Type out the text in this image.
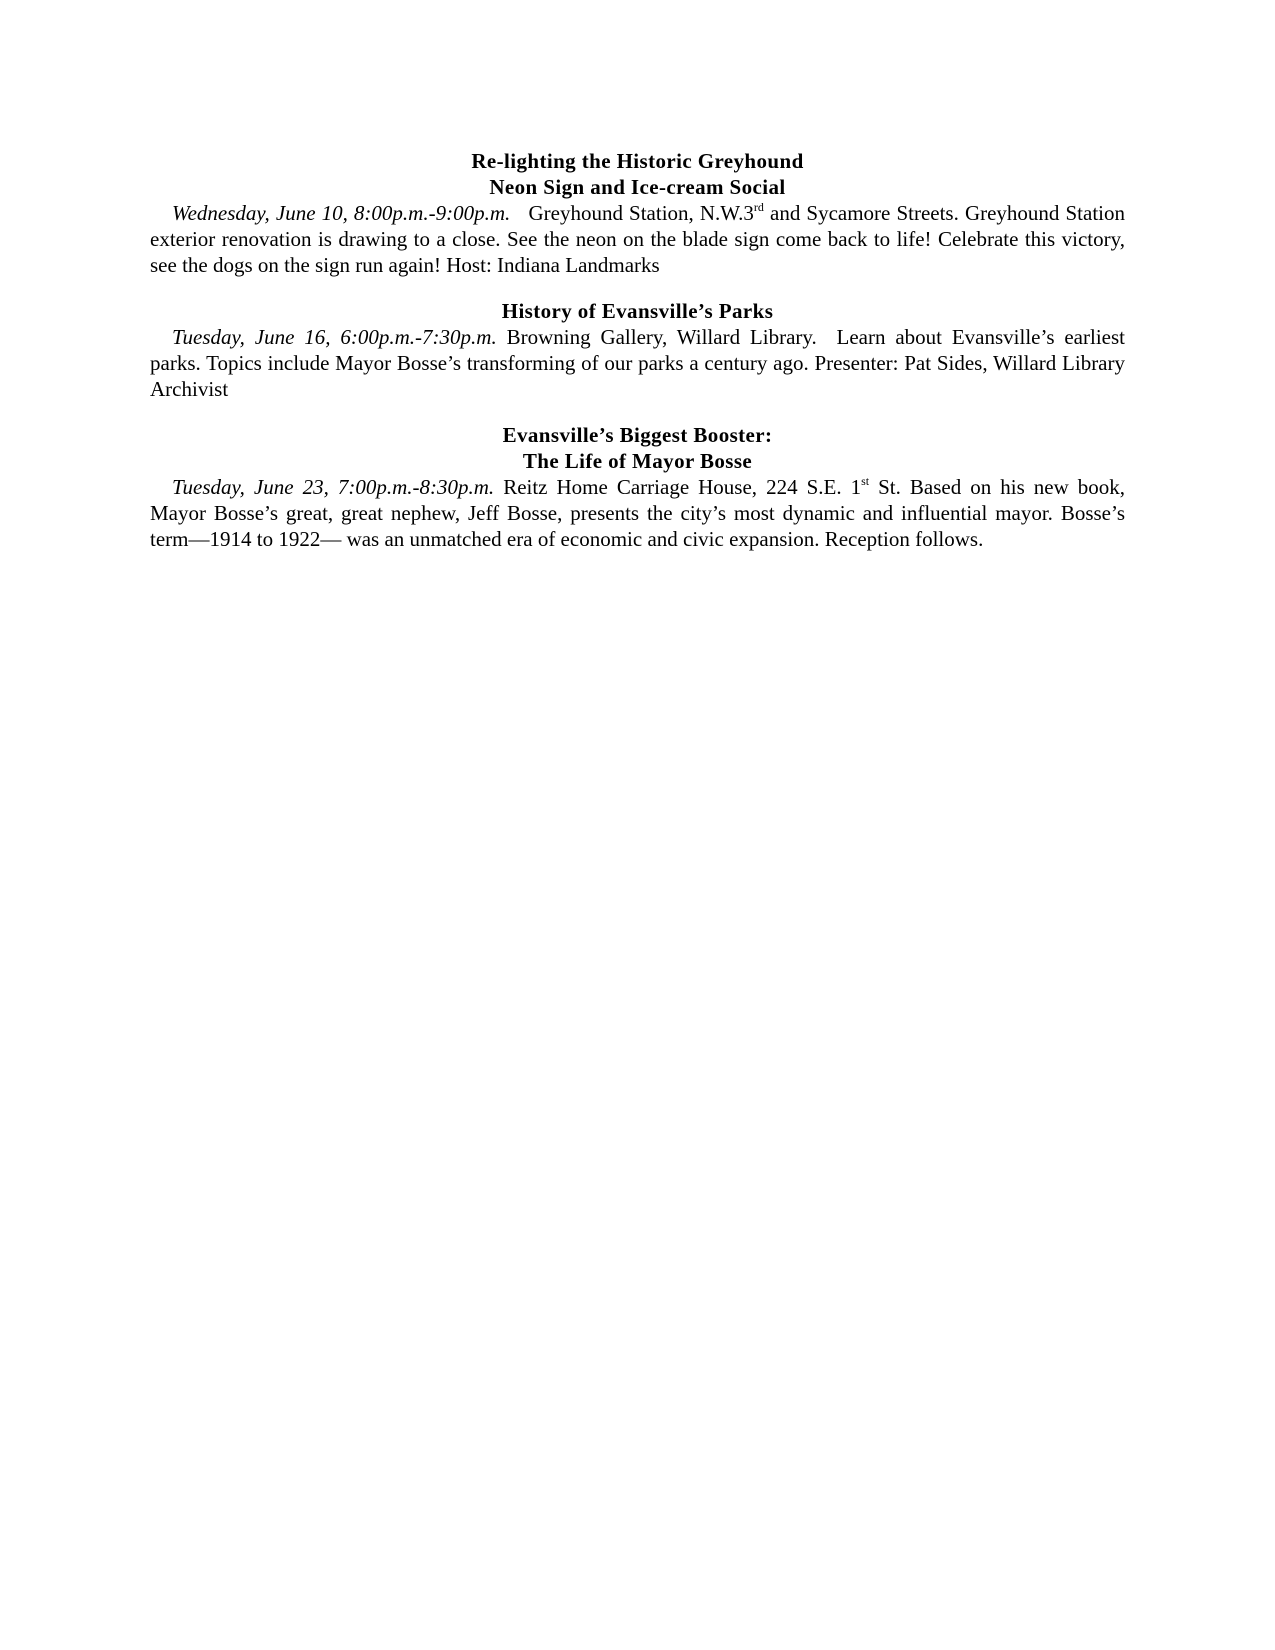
Re-lighting the Historic Greyhound
Neon Sign and Ice-cream Social
Wednesday, June 10, 8:00p.m.-9:00p.m. Greyhound Station, N.W.3rd and Sycamore Streets. Greyhound Station exterior renovation is drawing to a close. See the neon on the blade sign come back to life! Celebrate this victory, see the dogs on the sign run again! Host: Indiana Landmarks
History of Evansville’s Parks
Tuesday, June 16, 6:00p.m.-7:30p.m. Browning Gallery, Willard Library. Learn about Evansville’s earliest parks. Topics include Mayor Bosse’s transforming of our parks a century ago. Presenter: Pat Sides, Willard Library Archivist
Evansville’s Biggest Booster:
The Life of Mayor Bosse
Tuesday, June 23, 7:00p.m.-8:30p.m. Reitz Home Carriage House, 224 S.E. 1st St. Based on his new book, Mayor Bosse’s great, great nephew, Jeff Bosse, presents the city’s most dynamic and influential mayor. Bosse’s term—1914 to 1922— was an unmatched era of economic and civic expansion. Reception follows.
